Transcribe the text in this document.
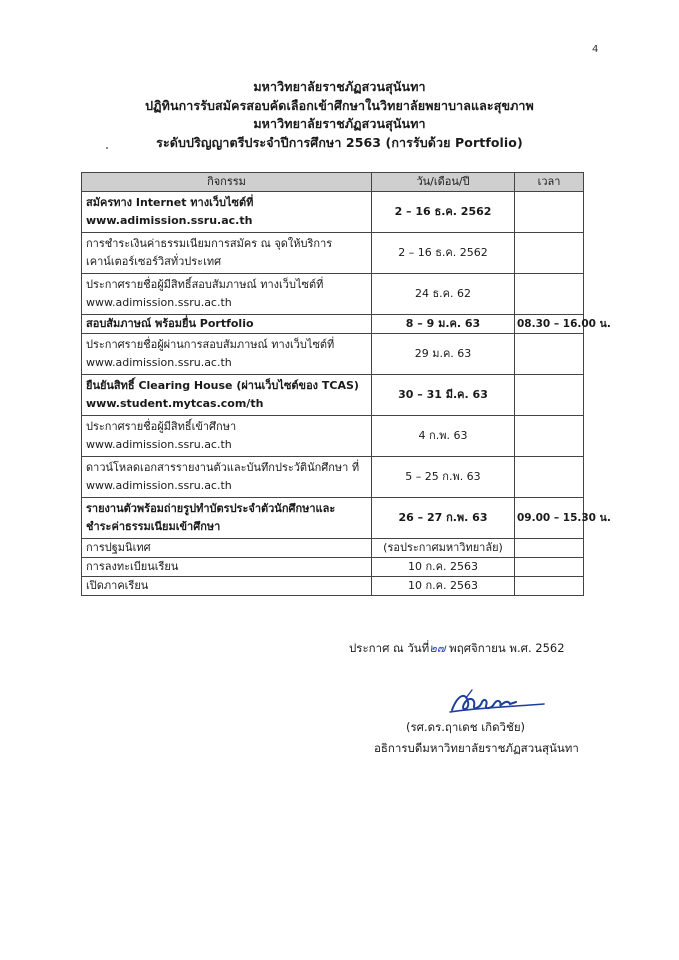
4
มหาวิทยาลัยราชภัฏสวนสุนันทา
ปฏิทินการรับสมัครสอบคัดเลือกเข้าศึกษาในวิทยาลัยพยาบาลและสุขภาพ
มหาวิทยาลัยราชภัฏสวนสุนันทา
ระดับปริญญาตรีประจำปีการศึกษา 2563 (การรับด้วย Portfolio)
กิจกรรม	วัน/เดือน/ปี	เวลา

สมัครทาง Internet ทางเว็บไซต์ที่
www.adimission.ssru.ac.th	2 – 16 ธ.ค. 2562	

การชำระเงินค่าธรรมเนียมการสมัคร ณ จุดให้บริการ
เคาน์เตอร์เซอร์วิสทั่วประเทศ	2 – 16 ธ.ค. 2562	

ประกาศรายชื่อผู้มีสิทธิ์สอบสัมภาษณ์ ทางเว็บไซต์ที่
www.adimission.ssru.ac.th	24 ธ.ค. 62	

สอบสัมภาษณ์ พร้อมยื่น Portfolio	8 – 9 ม.ค. 63	08.30 – 16.00 น.

ประกาศรายชื่อผู้ผ่านการสอบสัมภาษณ์ ทางเว็บไซต์ที่
www.adimission.ssru.ac.th	29 ม.ค. 63	

ยืนยันสิทธิ์ Clearing House (ผ่านเว็บไซต์ของ TCAS)
www.student.mytcas.com/th	30 – 31 มี.ค. 63	

ประกาศรายชื่อผู้มีสิทธิ์เข้าศึกษา
www.adimission.ssru.ac.th	4 ก.พ. 63	

ดาวน์โหลดเอกสารรายงานตัวและบันทึกประวัตินักศึกษา ที่
www.adimission.ssru.ac.th	5 – 25 ก.พ. 63	

รายงานตัวพร้อมถ่ายรูปทำบัตรประจำตัวนักศึกษาและ
ชำระค่าธรรมเนียมเข้าศึกษา	26 – 27 ก.พ. 63	09.00 – 15.30 น.

การปฐมนิเทศ	(รอประกาศมหาวิทยาลัย)	

การลงทะเบียนเรียน	10 ก.ค. 2563	

เปิดภาคเรียน	10 ก.ค. 2563	
ประกาศ ณ วันที่๒๗ พฤศจิกายน พ.ศ. 2562
(รศ.ดร.ฤาเดช เกิดวิชัย)
อธิการบดีมหาวิทยาลัยราชภัฏสวนสุนันทา
